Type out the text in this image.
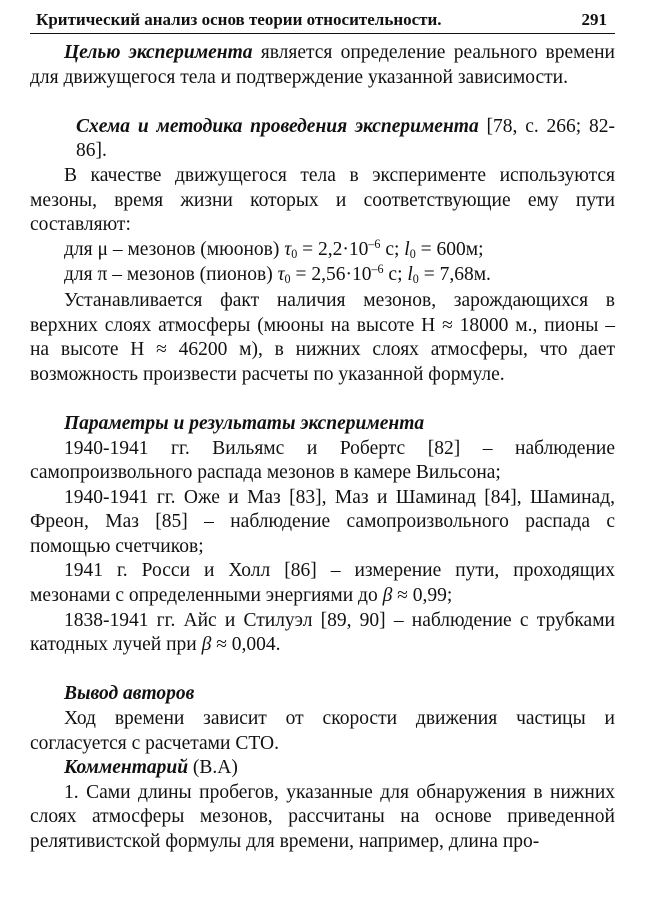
Критический анализ основ теории относительности.	291

Целью эксперимента является определение реального времени для движущегося тела и подтверждение указанной зависимости.

Схема и методика проведения эксперимента [78, с. 266; 82-86].

В качестве движущегося тела в эксперименте используются мезоны, время жизни которых и соответствующие ему пути составляют:

для μ – мезонов (мюонов) $\tau 0 = 2,2\cdot 10^{-6}$ с; l0 = 600м;

для π – мезонов (пионов) $\tau 0 = 2,56\cdot 10^{-6}$ с; l0 = 7,68м.

Устанавливается факт наличия мезонов, зарождающихся в верхних слоях атмосферы (мюоны на высоте H ≈ 18000 м., пионы – на высоте H ≈ 46200 м), в нижних слоях атмосферы, что дает возможность произвести расчеты по указанной формуле.

Параметры и результаты эксперимента

1940-1941 гг. Вильямс и Робертс [82] – наблюдение самопроизвольного распада мезонов в камере Вильсона;

1940-1941 гг. Оже и Маз [83], Маз и Шаминад [84], Шаминад, Фреон, Маз [85] – наблюдение самопроизвольного распада с помощью счетчиков;

1941 г. Росси и Холл [86] – измерение пути, проходящих мезонами с определенными энергиями до β ≈ 0,99;

1838-1941 гг. Айс и Стилуэл [89, 90] – наблюдение с трубками катодных лучей при β ≈ 0,004.

Вывод авторов

Ход времени зависит от скорости движения частицы и согласуется с расчетами СТО.

Комментарий (В.А)

1. Сами длины пробегов, указанные для обнаружения в нижних слоях атмосферы мезонов, рассчитаны на основе приведенной релятивистской формулы для времени, например, длина про-
